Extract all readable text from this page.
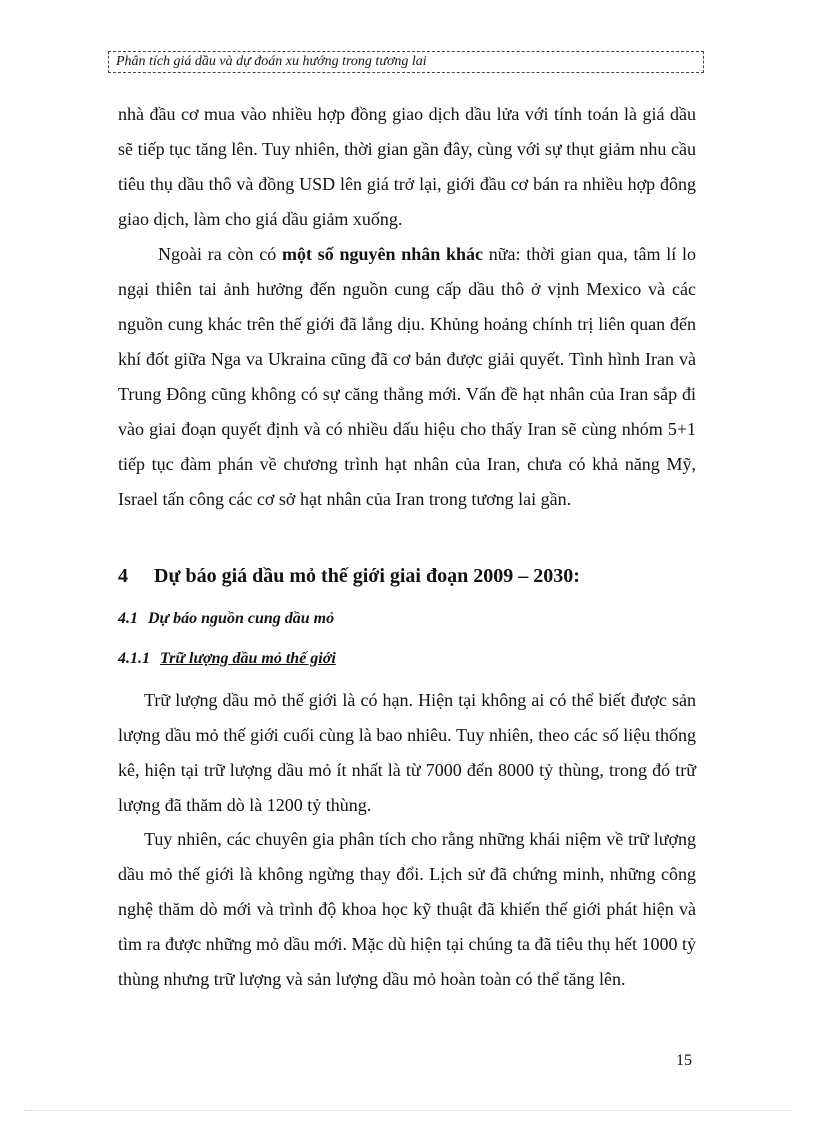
Phân tích giá dầu và dự đoán xu hướng trong tương lai

nhà đầu cơ mua vào nhiều hợp đồng giao dịch dầu lửa với tính toán là giá dầu sẽ tiếp tục tăng lên. Tuy nhiên, thời gian gần đây, cùng với sự thụt giảm nhu cầu tiêu thụ dầu thô và đồng USD lên giá trở lại, giới đầu cơ bán ra nhiều hợp đông giao dịch, làm cho giá dầu giảm xuống.

Ngoài ra còn có một số nguyên nhân khác nữa: thời gian qua, tâm lí lo ngại thiên tai ảnh hưởng đến nguồn cung cấp dầu thô ở vịnh Mexico và các nguồn cung khác trên thế giới đã lắng dịu. Khủng hoảng chính trị liên quan đến khí đốt giữa Nga va Ukraina cũng đã cơ bản được giải quyết. Tình hình Iran và Trung Đông cũng không có sự căng thẳng mới. Vấn đề hạt nhân của Iran sắp đi vào giai đoạn quyết định và có nhiều dấu hiệu cho thấy Iran sẽ cùng nhóm 5+1 tiếp tục đàm phán về chương trình hạt nhân của Iran, chưa có khả năng Mỹ, Israel tấn công các cơ sở hạt nhân của Iran trong tương lai gần.

4 Dự báo giá dầu mỏ thế giới giai đoạn 2009 – 2030:
4.1 Dự báo nguồn cung dầu mỏ
4.1.1 Trữ lượng dầu mỏ thế giới

Trữ lượng dầu mỏ thế giới là có hạn. Hiện tại không ai có thể biết được sản lượng dầu mỏ thế giới cuối cùng là bao nhiêu. Tuy nhiên, theo các số liệu thống kê, hiện tại trữ lượng dầu mỏ ít nhất là từ 7000 đến 8000 tỷ thùng, trong đó trữ lượng đã thăm dò là 1200 tỷ thùng.

Tuy nhiên, các chuyên gia phân tích cho rằng những khái niệm về trữ lượng dầu mỏ thế giới là không ngừng thay đổi. Lịch sử đã chứng minh, những công nghệ thăm dò mới và trình độ khoa học kỹ thuật đã khiến thế giới phát hiện và tìm ra được những mỏ dầu mới. Mặc dù hiện tại chúng ta đã tiêu thụ hết 1000 tỷ thùng nhưng trữ lượng và sản lượng dầu mỏ hoàn toàn có thể tăng lên.

15
